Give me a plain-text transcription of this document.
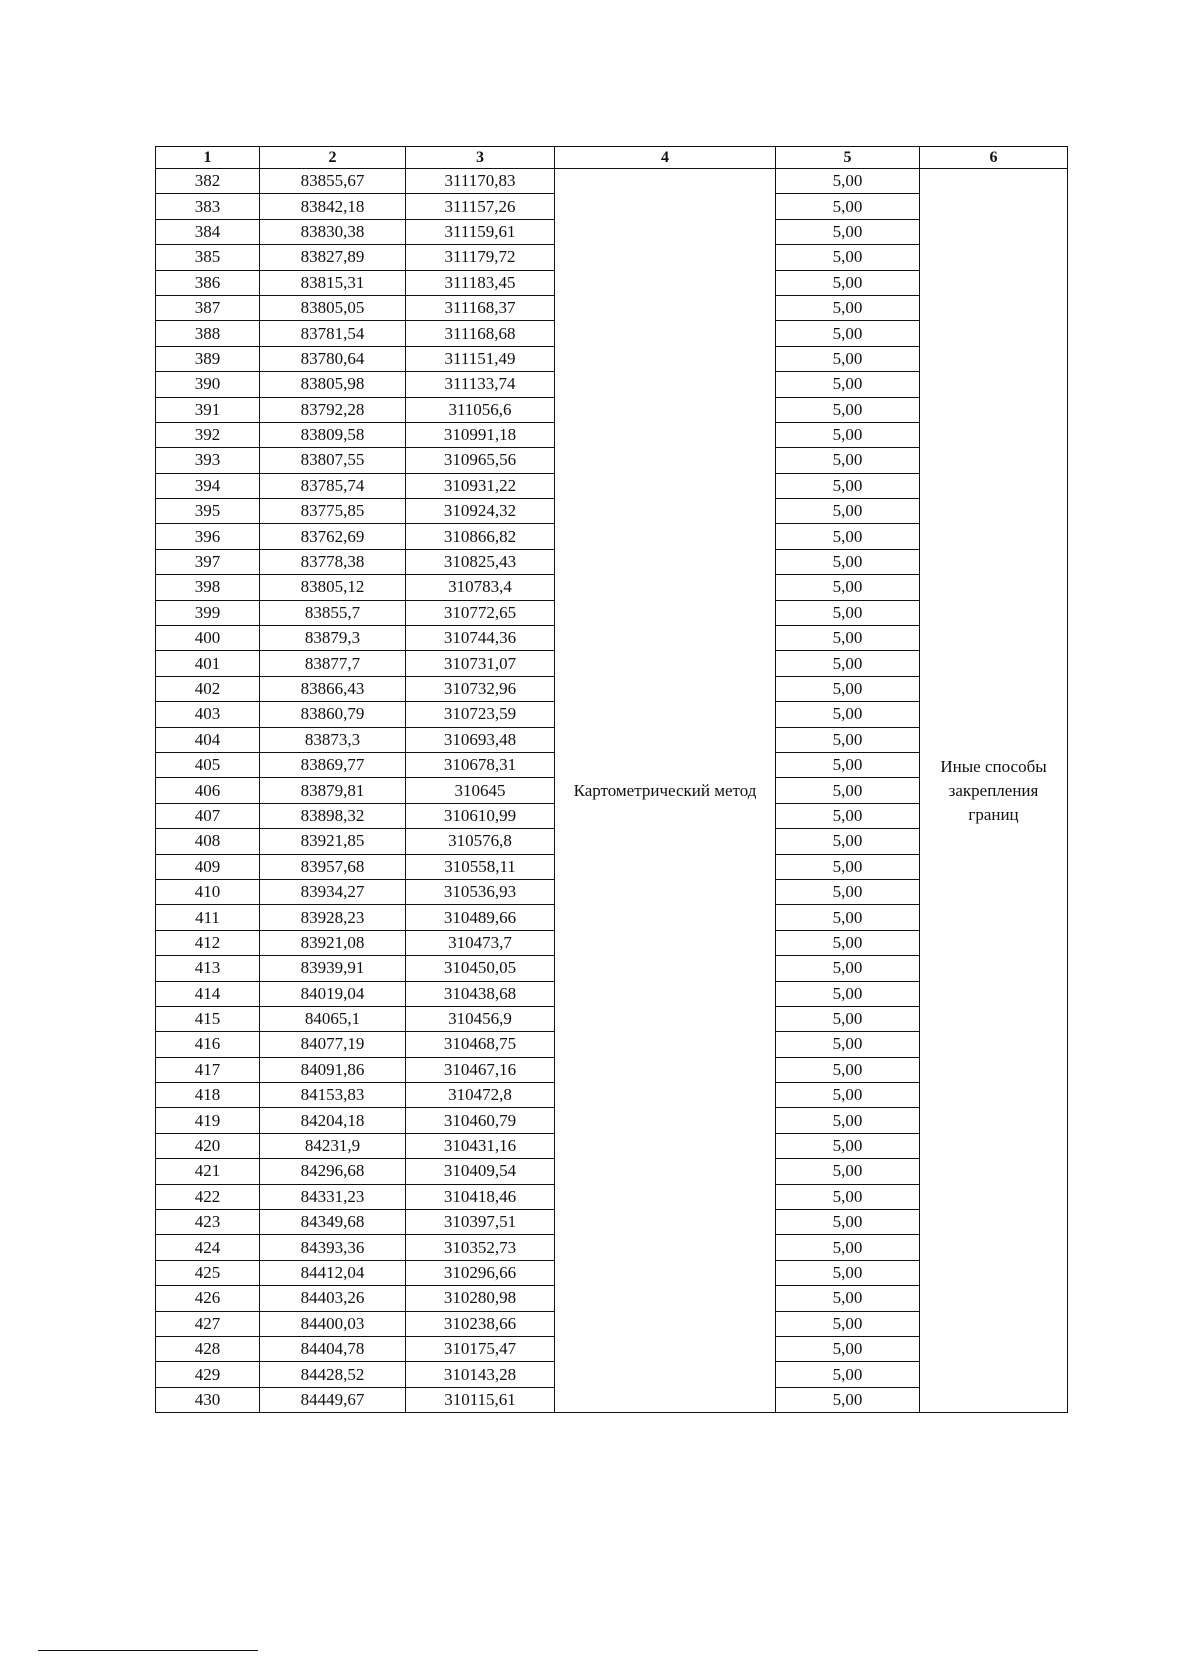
1	2	3	4	5	6
382	83855,67	311170,83	Картометрический метод	5,00	Иные способы закрепления границ
383	83842,18	311157,26		5,00	
384	83830,38	311159,61		5,00	
385	83827,89	311179,72		5,00	
386	83815,31	311183,45		5,00	
387	83805,05	311168,37		5,00	
388	83781,54	311168,68		5,00	
389	83780,64	311151,49		5,00	
390	83805,98	311133,74		5,00	
391	83792,28	311056,6		5,00	
392	83809,58	310991,18		5,00	
393	83807,55	310965,56		5,00	
394	83785,74	310931,22		5,00	
395	83775,85	310924,32		5,00	
396	83762,69	310866,82		5,00	
397	83778,38	310825,43		5,00	
398	83805,12	310783,4		5,00	
399	83855,7	310772,65		5,00	
400	83879,3	310744,36		5,00	
401	83877,7	310731,07		5,00	
402	83866,43	310732,96		5,00	
403	83860,79	310723,59		5,00	
404	83873,3	310693,48		5,00	
405	83869,77	310678,31		5,00	
406	83879,81	310645		5,00	
407	83898,32	310610,99		5,00	
408	83921,85	310576,8		5,00	
409	83957,68	310558,11		5,00	
410	83934,27	310536,93		5,00	
411	83928,23	310489,66		5,00	
412	83921,08	310473,7		5,00	
413	83939,91	310450,05		5,00	
414	84019,04	310438,68		5,00	
415	84065,1	310456,9		5,00	
416	84077,19	310468,75		5,00	
417	84091,86	310467,16		5,00	
418	84153,83	310472,8		5,00	
419	84204,18	310460,79		5,00	
420	84231,9	310431,16		5,00	
421	84296,68	310409,54		5,00	
422	84331,23	310418,46		5,00	
423	84349,68	310397,51		5,00	
424	84393,36	310352,73		5,00	
425	84412,04	310296,66		5,00	
426	84403,26	310280,98		5,00	
427	84400,03	310238,66		5,00	
428	84404,78	310175,47		5,00	
429	84428,52	310143,28		5,00	
430	84449,67	310115,61		5,00	
